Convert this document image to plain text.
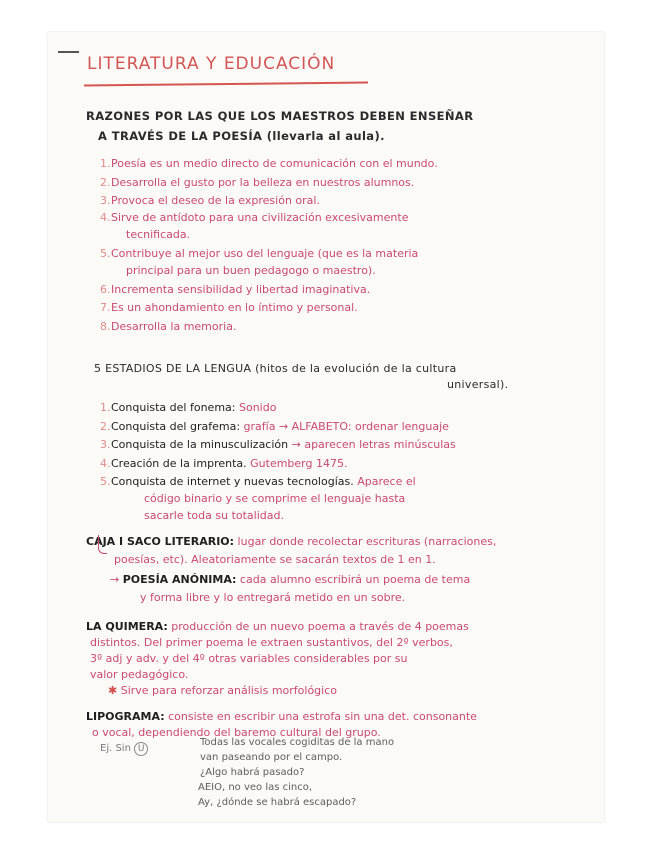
LITERATURA Y EDUCACIÓN

RAZONES POR LAS QUE LOS MAESTROS DEBEN ENSEÑAR

A TRAVÉS DE LA POESÍA (llevarla al aula).

1.Poesía es un medio directo de comunicación con el mundo.

2.Desarrolla el gusto por la belleza en nuestros alumnos.

3.Provoca el deseo de la expresión oral.

4.Sirve de antídoto para una civilización excesivamente

tecnificada.

5.Contribuye al mejor uso del lenguaje (que es la materia

principal para un buen pedagogo o maestro).

6.Incrementa sensibilidad y libertad imaginativa.

7.Es un ahondamiento en lo íntimo y personal.

8.Desarrolla la memoria.

5 ESTADIOS DE LA LENGUA (hitos de la evolución de la cultura

universal).

1.Conquista del fonema: Sonido

2.Conquista del grafema: grafía → ALFABETO: ordenar lenguaje

3.Conquista de la minusculización → aparecen letras minúsculas

4.Creación de la imprenta. Gutemberg 1475.

5.Conquista de internet y nuevas tecnologías. Aparece el

código binario y se comprime el lenguaje hasta

sacarle toda su totalidad.

CAJA I SACO LITERARIO: lugar donde recolectar escrituras (narraciones,

poesías, etc). Aleatoriamente se sacarán textos de 1 en 1.

→ POESÍA ANÓNIMA: cada alumno escribirá un poema de tema

y forma libre y lo entregará metido en un sobre.

LA QUIMERA: producción de un nuevo poema a través de 4 poemas

distintos. Del primer poema le extraen sustantivos, del 2º verbos,

3º adj y adv. y del 4º otras variables considerables por su

valor pedagógico.

✱ Sirve para reforzar análisis morfológico

LIPOGRAMA: consiste en escribir una estrofa sin una det. consonante

o vocal, dependiendo del baremo cultural del grupo.

Ej. Sin U

Todas las vocales cogiditas de la mano

van paseando por el campo.

¿Algo habrá pasado?

AEIO, no veo las cinco,

Ay, ¿dónde se habrá escapado?
